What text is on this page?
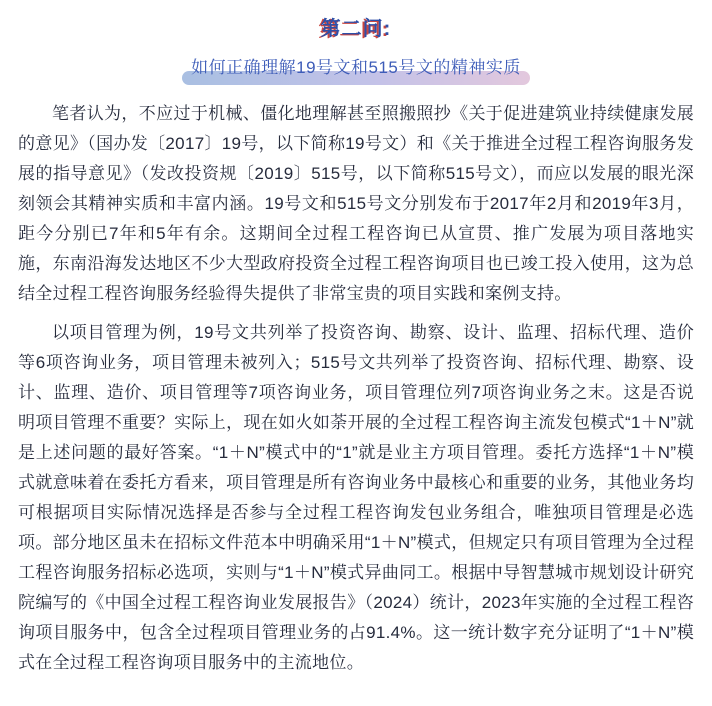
第二问:
如何正确理解19号文和515号文的精神实质

笔者认为，不应过于机械、僵化地理解甚至照搬照抄《关于促进建筑业持续健康发展的意见》（国办发〔2017〕19号，以下简称19号文）和《关于推进全过程工程咨询服务发展的指导意见》（发改投资规〔2019〕515号，以下简称515号文），而应以发展的眼光深刻领会其精神实质和丰富内涵。19号文和515号文分别发布于2017年2月和2019年3月，距今分别已7年和5年有余。这期间全过程工程咨询已从宣贯、推广发展为项目落地实施，东南沿海发达地区不少大型政府投资全过程工程咨询项目也已竣工投入使用，这为总结全过程工程咨询服务经验得失提供了非常宝贵的项目实践和案例支持。

以项目管理为例，19号文共列举了投资咨询、勘察、设计、监理、招标代理、造价等6项咨询业务，项目管理未被列入；515号文共列举了投资咨询、招标代理、勘察、设计、监理、造价、项目管理等7项咨询业务，项目管理位列7项咨询业务之末。这是否说明项目管理不重要？实际上，现在如火如荼开展的全过程工程咨询主流发包模式“1＋N”就是上述问题的最好答案。“1＋N”模式中的“1”就是业主方项目管理。委托方选择“1＋N”模式就意味着在委托方看来，项目管理是所有咨询业务中最核心和重要的业务，其他业务均可根据项目实际情况选择是否参与全过程工程咨询发包业务组合，唯独项目管理是必选项。部分地区虽未在招标文件范本中明确采用“1＋N”模式，但规定只有项目管理为全过程工程咨询服务招标必选项，实则与“1＋N”模式异曲同工。根据中导智慧城市规划设计研究院编写的《中国全过程工程咨询业发展报告》（2024）统计，2023年实施的全过程工程咨询项目服务中，包含全过程项目管理业务的占91.4%。这一统计数字充分证明了“1＋N”模式在全过程工程咨询项目服务中的主流地位。
